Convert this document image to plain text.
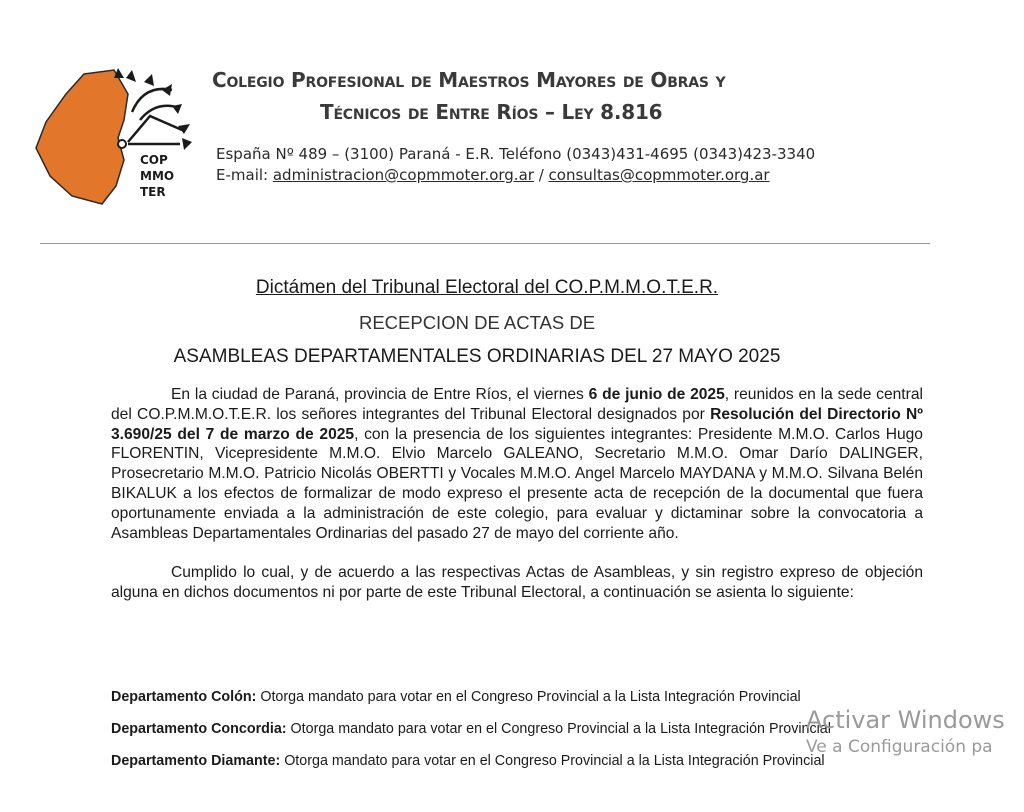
COP
MMO
TER
Colegio Profesional de Maestros Mayores de Obras y
Técnicos de Entre Ríos – Ley 8.816
España Nº 489 – (3100) Paraná - E.R. Teléfono (0343)431-4695 (0343)423-3340
E-mail: administracion@copmmoter.org.ar / consultas@copmmoter.org.ar
Dictámen del Tribunal Electoral del CO.P.M.M.O.T.E.R.
RECEPCION DE ACTAS DE
ASAMBLEAS DEPARTAMENTALES ORDINARIAS DEL 27 MAYO 2025

En la ciudad de Paraná, provincia de Entre Ríos, el viernes 6 de junio de 2025, reunidos en la sede central del CO.P.M.M.O.T.E.R. los señores integrantes del Tribunal Electoral designados por Resolución del Directorio Nº 3.690/25 del 7 de marzo de 2025, con la presencia de los siguientes integrantes: Presidente M.M.O. Carlos Hugo FLORENTIN, Vicepresidente M.M.O. Elvio Marcelo GALEANO, Secretario M.M.O. Omar Darío DALINGER, Prosecretario M.M.O. Patricio Nicolás OBERTTI y Vocales M.M.O. Angel Marcelo MAYDANA y M.M.O. Silvana Belén BIKALUK a los efectos de formalizar de modo expreso el presente acta de recepción de la documental que fuera oportunamente enviada a la administración de este colegio, para evaluar y dictaminar sobre la convocatoria a Asambleas Departamentales Ordinarias del pasado 27 de mayo del corriente año.

Cumplido lo cual, y de acuerdo a las respectivas Actas de Asambleas, y sin registro expreso de objeción alguna en dichos documentos ni por parte de este Tribunal Electoral, a continuación se asienta lo siguiente:

Departamento Colón: Otorga mandato para votar en el Congreso Provincial a la Lista Integración Provincial

Departamento Concordia: Otorga mandato para votar en el Congreso Provincial a la Lista Integración Provincial

Departamento Diamante: Otorga mandato para votar en el Congreso Provincial a la Lista Integración Provincial

Activar Windows
Ve a Configuración pa
